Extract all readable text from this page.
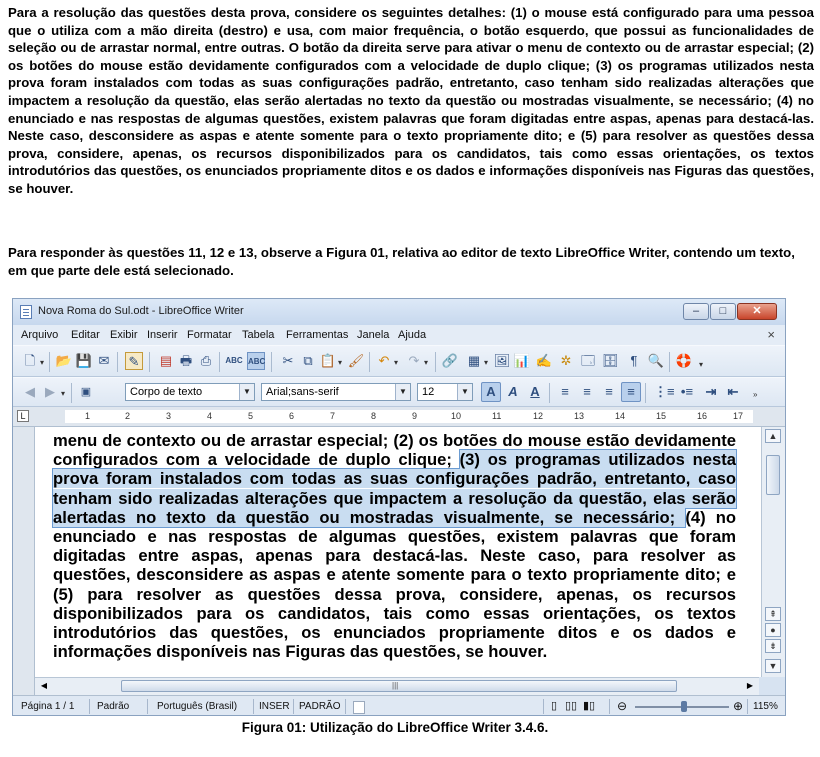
Para a resolução das questões desta prova, considere os seguintes detalhes: (1) o mouse está configurado para uma pessoa que o utiliza com a mão direita (destro) e usa, com maior frequência, o botão esquerdo, que possui as funcionalidades de seleção ou de arrastar normal, entre outras. O botão da direita serve para ativar o menu de contexto ou de arrastar especial; (2) os botões do mouse estão devidamente configurados com a velocidade de duplo clique; (3) os programas utilizados nesta prova foram instalados com todas as suas configurações padrão, entretanto, caso tenham sido realizadas alterações que impactem a resolução da questão, elas serão alertadas no texto da questão ou mostradas visualmente, se necessário; (4) no enunciado e nas respostas de algumas questões, existem palavras que foram digitadas entre aspas, apenas para destacá-las. Neste caso, desconsidere as aspas e atente somente para o texto propriamente dito; e (5) para resolver as questões dessa prova, considere, apenas, os recursos disponibilizados para os candidatos, tais como essas orientações, os textos introdutórios das questões, os enunciados propriamente ditos e os dados e informações disponíveis nas Figuras das questões, se houver.

Para responder às questões 11, 12 e 13, observe a Figura 01, relativa ao editor de texto LibreOffice Writer, contendo um texto, em que parte dele está selecionado.

Nova Roma do Sul.odt - LibreOffice Writer	–	□	✕
Arquivo Editar Exibir Inserir Formatar Tabela Ferramentas Janela Ajuda	×
🗋 ▾ 📂 💾 ✉ ✎ ▤ 🖶 ⎙	ABC ABC ✂ ⧉ 📋 ▾ 🖌 ↶ ▾ ↷ ▾ 🔗 ▦ ▾ 🖼 📊 ✍ ✲ 🗔 🗄 ¶ 🔍 🛟 ▾
◀ ▶ ▾	▣	Corpo de texto	▼	Arial;sans-serif	▼	12	▼	A A A	≡	≡	≡	≡	⋮≡ •≡ ⇥ ⇤	»
L	1	2	3	4	5	6	7	8	9	10	11	12	13	14	15	16	17

menu de contexto ou de arrastar especial; (2) os botões do mouse estão devidamente configurados com a velocidade de duplo clique; (3) os programas utilizados nesta prova foram instalados com todas as suas configurações padrão, entretanto, caso tenham sido realizadas alterações que impactem a resolução da questão, elas serão alertadas no texto da questão ou mostradas visualmente, se necessário; (4) no enunciado e nas respostas de algumas questões, existem palavras que foram digitadas entre aspas, apenas para destacá-las. Neste caso, para resolver as questões, desconsidere as aspas e atente somente para o texto propriamente dito; e (5) para resolver as questões dessa prova, considere, apenas, os recursos disponibilizados para os candidatos, tais como essas orientações, os textos introdutórios das questões, os enunciados propriamente ditos e os dados e informações disponíveis nas Figuras das questões, se houver.

▲
⇞
●
⇟
▼
◀	|||	▶
Página 1 / 1 Padrão	Português (Brasil) INSER PADRÃO	▯ ▯▯ ▮▯ ⊖	⊕ 115%
Figura 01: Utilização do LibreOffice Writer 3.4.6.
